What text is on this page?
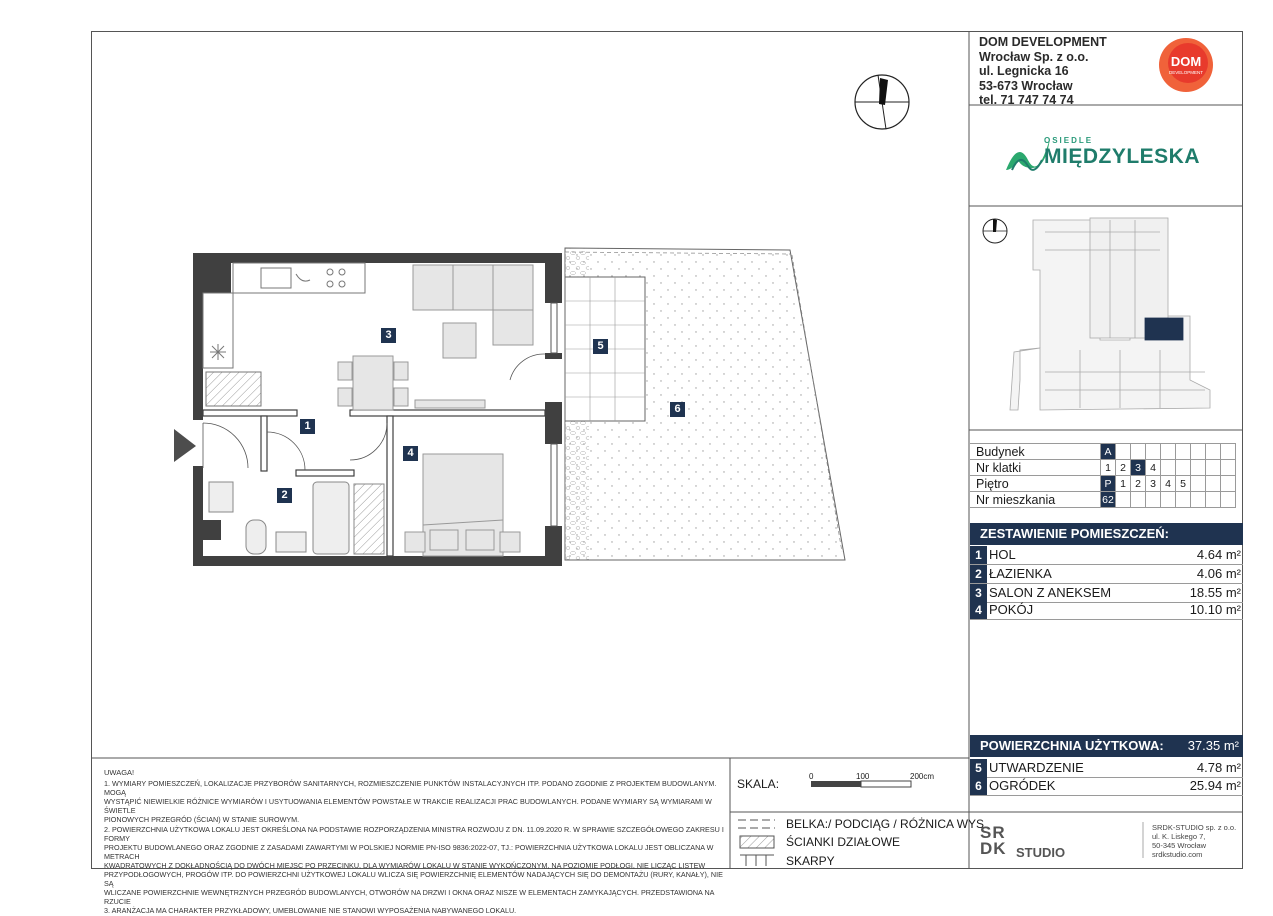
3
5
6
1
4
2
DOM DEVELOPMENT
Wrocław Sp. z o.o.
ul. Legnicka 16
53-673 Wrocław
tel. 71 747 74 74
DOM
DEVELOPMENT
OSIEDLE
MIĘDZYLESKA
Budynek	A								
Nr klatki	1	2	3	4					
Piętro	P	1	2	3	4	5			
Nr mieszkania	62								
ZESTAWIENIE POMIESZCZEŃ:
1 HOL	4.64 m²
2 ŁAZIENKA	4.06 m²
3 SALON Z ANEKSEM	18.55 m²
4 POKÓJ	10.10 m²
POWIERZCHNIA UŻYTKOWA: 37.35 m²
5 UTWARDZENIE	4.78 m²
6 OGRÓDEK	25.94 m²
UWAGA!
1. WYMIARY POMIESZCZEŃ, LOKALIZACJE PRZYBORÓW SANITARNYCH, ROZMIESZCZENIE PUNKTÓW INSTALACYJNYCH ITP. PODANO ZGODNIE Z PROJEKTEM BUDOWLANYM. MOGĄ
WYSTĄPIĆ NIEWIELKIE RÓŻNICE WYMIARÓW I USYTUOWANIA ELEMENTÓW POWSTAŁE W TRAKCIE REALIZACJI PRAC BUDOWLANYCH. PODANE WYMIARY SĄ WYMIARAMI W ŚWIETLE
PIONOWYCH PRZEGRÓD (ŚCIAN) W STANIE SUROWYM.
2. POWIERZCHNIA UŻYTKOWA LOKALU JEST OKREŚLONA NA PODSTAWIE ROZPORZĄDZENIA MINISTRA ROZWOJU Z DN. 11.09.2020 R. W SPRAWIE SZCZEGÓŁOWEGO ZAKRESU I FORMY
PROJEKTU BUDOWLANEGO ORAZ ZGODNIE Z ZASADAMI ZAWARTYMI W POLSKIEJ NORMIE PN-ISO 9836:2022-07, TJ.: POWIERZCHNIA UŻYTKOWA LOKALU JEST OBLICZANA W METRACH
KWADRATOWYCH Z DOKŁADNOŚCIĄ DO DWÓCH MIEJSC PO PRZECINKU, DLA WYMIARÓW LOKALU W STANIE WYKOŃCZONYM, NA POZIOMIE PODŁOGI, NIE LICZĄC LISTEW
PRZYPODŁOGOWYCH, PROGÓW ITP. DO POWIERZCHNI UŻYTKOWEJ LOKALU WLICZA SIĘ POWIERZCHNIĘ ELEMENTÓW NADAJĄCYCH SIĘ DO DEMONTAŻU (RURY, KANAŁY), NIE SĄ
WLICZANE POWIERZCHNIE WEWNĘTRZNYCH PRZEGRÓD BUDOWLANYCH, OTWORÓW NA DRZWI I OKNA ORAZ NISZE W ELEMENTACH ZAMYKAJĄCYCH. PRZEDSTAWIONA NA RZUCIE
3. ARANŻACJA MA CHARAKTER PRZYKŁADOWY, UMEBLOWANIE NIE STANOWI WYPOSAŻENIA NABYWANEGO LOKALU.
SKALA:
0	100	200cm
BELKA:/ PODCIĄG / RÓŻNICA WYS.
ŚCIANKI DZIAŁOWE
SKARPY
SR
DK STUDIO
SRDK-STUDIO sp. z o.o.
ul. K. Liskego 7,
50-345 Wrocław
srdkstudio.com
